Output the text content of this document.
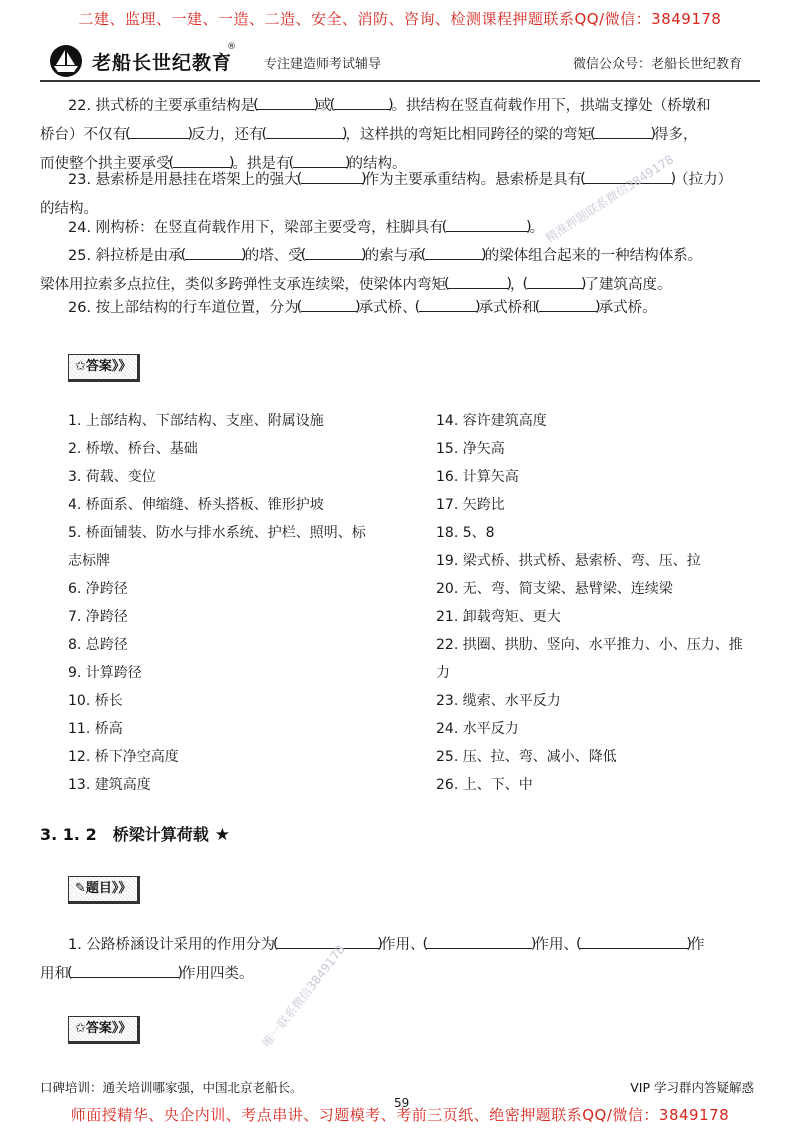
二建、监理、一建、一造、二造、安全、消防、咨询、检测课程押题联系QQ/微信：3849178
老船长世纪教育
®
专注建造师考试辅导	微信公众号：老船长世纪教育
22. 拱式桥的主要承重结构是 ( )	或 ( )	。拱结构在竖直荷载作用下，拱端支撑处（桥墩和
桥台）不仅有 ( )	反力，还有 ( )	，这样拱的弯矩比相同跨径的梁的弯矩 ( )	得多，
而使整个拱主要承受 ( )	。拱是有 ( )	的结构。
23. 悬索桥是用悬挂在塔架上的强大 ( )	作为主要承重结构。悬索桥是具有 ( )	（拉力）
的结构。
24. 刚构桥：在竖直荷载作用下，梁部主要受弯，柱脚具有 ( )	。
25. 斜拉桥是由承 ( )	的塔、受 ( )	的索与承 ( )	的梁体组合起来的一种结构体系。
梁体用拉索多点拉住，类似多跨弹性支承连续梁，使梁体内弯矩 ( )	， ( )	了建筑高度。
26. 按上部结构的行车道位置，分为 ( )	承式桥、 ( )	承式桥和 ( )	承式桥。
✩答案》》
1. 上部结构、下部结构、支座、附属设施
2. 桥墩、桥台、基础
3. 荷载、变位
4. 桥面系、伸缩缝、桥头搭板、锥形护坡
5. 桥面铺装、防水与排水系统、护栏、照明、标
志标牌
6. 净跨径
7. 净跨径
8. 总跨径
9. 计算跨径
10. 桥长
11. 桥高
12. 桥下净空高度
13. 建筑高度
14. 容许建筑高度
15. 净矢高
16. 计算矢高
17. 矢跨比
18. 5、8
19. 梁式桥、拱式桥、悬索桥、弯、压、拉
20. 无、弯、简支梁、悬臂梁、连续梁
21. 卸载弯矩、更大
22. 拱圈、拱肋、竖向、水平推力、小、压力、推
力
23. 缆索、水平反力
24. 水平反力
25. 压、拉、弯、减小、降低
26. 上、下、中
3. 1. 2　桥梁计算荷载 ★
✎题目》》
1. 公路桥涵设计采用的作用分为 ( )	作用、 ( )	作用、 ( )	作
用和 ( )	作用四类。
✩答案》》
精准押题联系微信3849178
唯一联系微信3849178
口碑培训：通关培训哪家强，中国北京老船长。	VIP 学习群内答疑解惑
59
师面授精华、央企内训、考点串讲、习题模考、考前三页纸、绝密押题联系QQ/微信：3849178
